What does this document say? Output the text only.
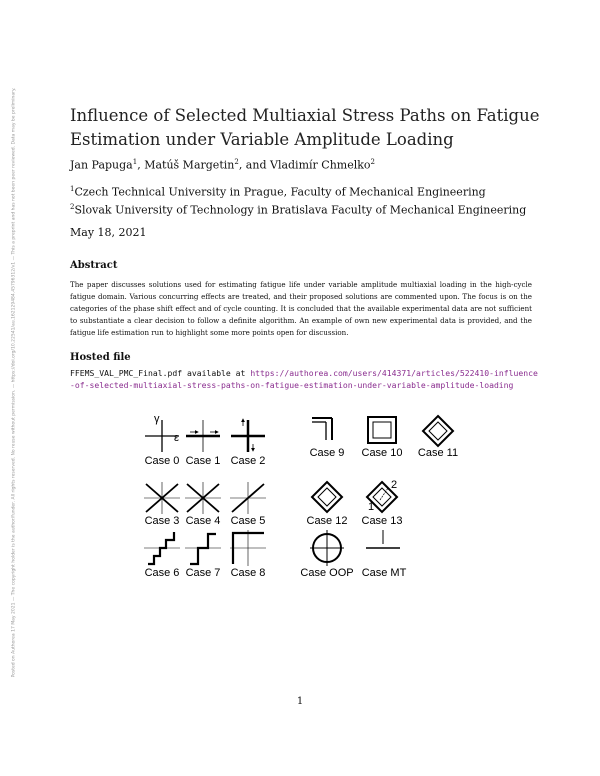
Posted on Authorea 17 May 2021 — The copyright holder is the author/funder. All rights reserved. No reuse without permission. — https://doi.org/10.22541/au.162129484.45796312/v1 — This a preprint and has not been peer reviewed. Data may be preliminary.	Influence of Selected Multiaxial Stress Paths on Fatigue Estimation under Variable Amplitude Loading
Jan Papuga$^1$, Matúš Margetin$^2$, and Vladimír Chmelko$^2$
$^1$Czech Technical University in Prague, Faculty of Mechanical Engineering
$^2$Slovak University of Technology in Bratislava Faculty of Mechanical Engineering
May 18, 2021
Abstract
The paper discusses solutions used for estimating fatigue life under variable amplitude multiaxial loading in the high-cycle fatigue domain. Various concurring effects are treated, and their proposed solutions are commented upon. The focus is on the categories of the phase shift effect and of cycle counting. It is concluded that the available experimental data are not sufficient to substantiate a clear decision to follow a definite algorithm. An example of own new experimental data is provided, and the fatigue life estimation run to highlight some more points open for discussion.
Hosted file
FFEMS_VAL_PMC_Final.pdf available at https://authorea.com/users/414371/articles/522410-influence-of-selected-multiaxial-stress-paths-on-fatigue-estimation-under-variable-amplitude-loading
γ
ε
2
1
Case 0 Case 1 Case 2
Case 9 Case 10 Case 11
Case 3 Case 4 Case 5	Case 12 Case 13
Case 6 Case 7 Case 8	Case OOP Case MT
1
